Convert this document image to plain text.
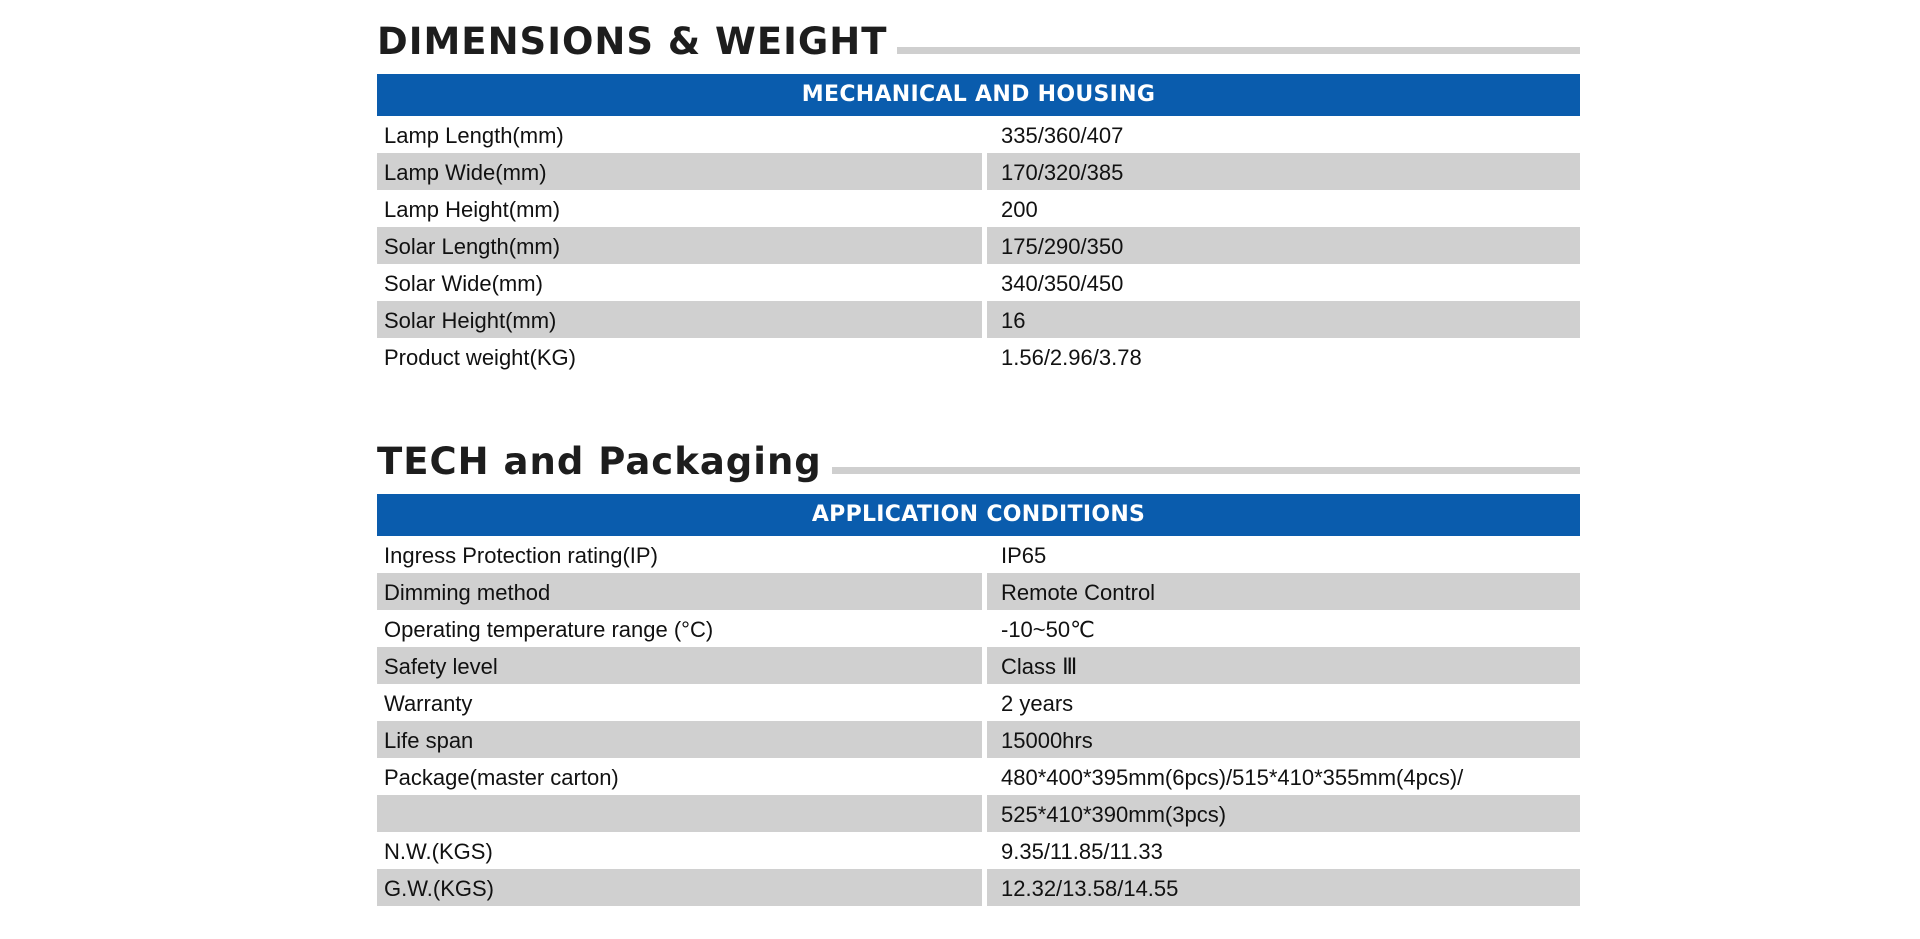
DIMENSIONS & WEIGHT
MECHANICAL AND HOUSING
Lamp Length(mm)	335/360/407
Lamp Wide(mm)	170/320/385
Lamp Height(mm)	200
Solar Length(mm)	175/290/350
Solar Wide(mm)	340/350/450
Solar Height(mm)	16
Product weight(KG)	1.56/2.96/3.78
TECH and Packaging
APPLICATION CONDITIONS
Ingress Protection rating(IP)	IP65
Dimming method	Remote Control
Operating temperature range (°C)	-10~50℃
Safety level	Class Ⅲ
Warranty	2 years
Life span	15000hrs
Package(master carton)	480*400*395mm(6pcs)/515*410*355mm(4pcs)/
525*410*390mm(3pcs)
N.W.(KGS)	9.35/11.85/11.33
G.W.(KGS)	12.32/13.58/14.55
